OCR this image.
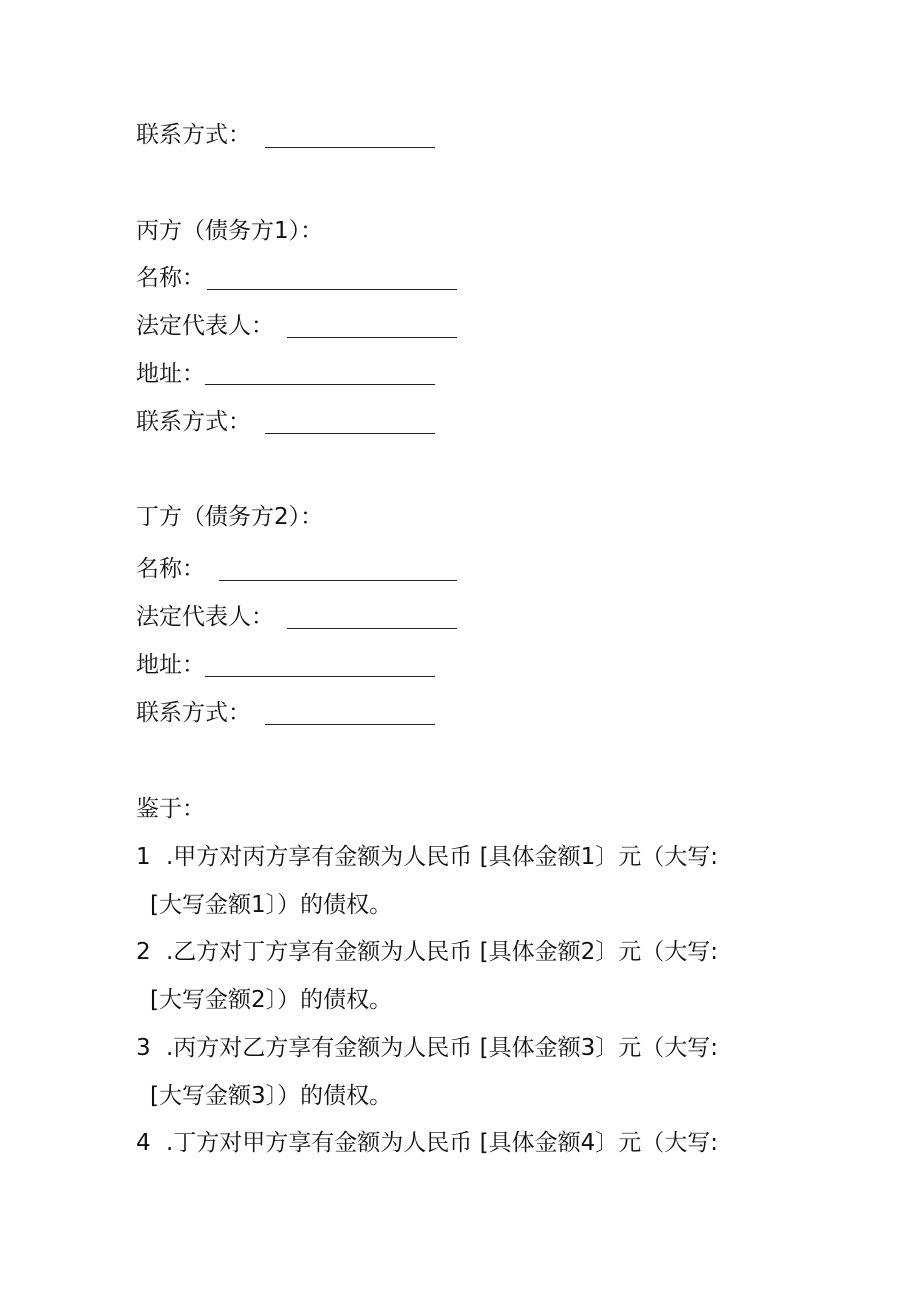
联系方式：
丙方（债务方1）：
名称：
法定代表人：
地址：
联系方式：
丁方（债务方2）：
名称：
法定代表人：
地址：
联系方式：
鉴于：
1 .甲方对丙方享有金额为人民币 [具体金额1〕元（大写:
[大写金额1〕）的债权。
2 .乙方对丁方享有金额为人民币 [具体金额2〕元（大写:
[大写金额2〕）的债权。
3 .丙方对乙方享有金额为人民币 [具体金额3〕元（大写:
[大写金额3〕）的债权。
4 .丁方对甲方享有金额为人民币 [具体金额4〕元（大写:
